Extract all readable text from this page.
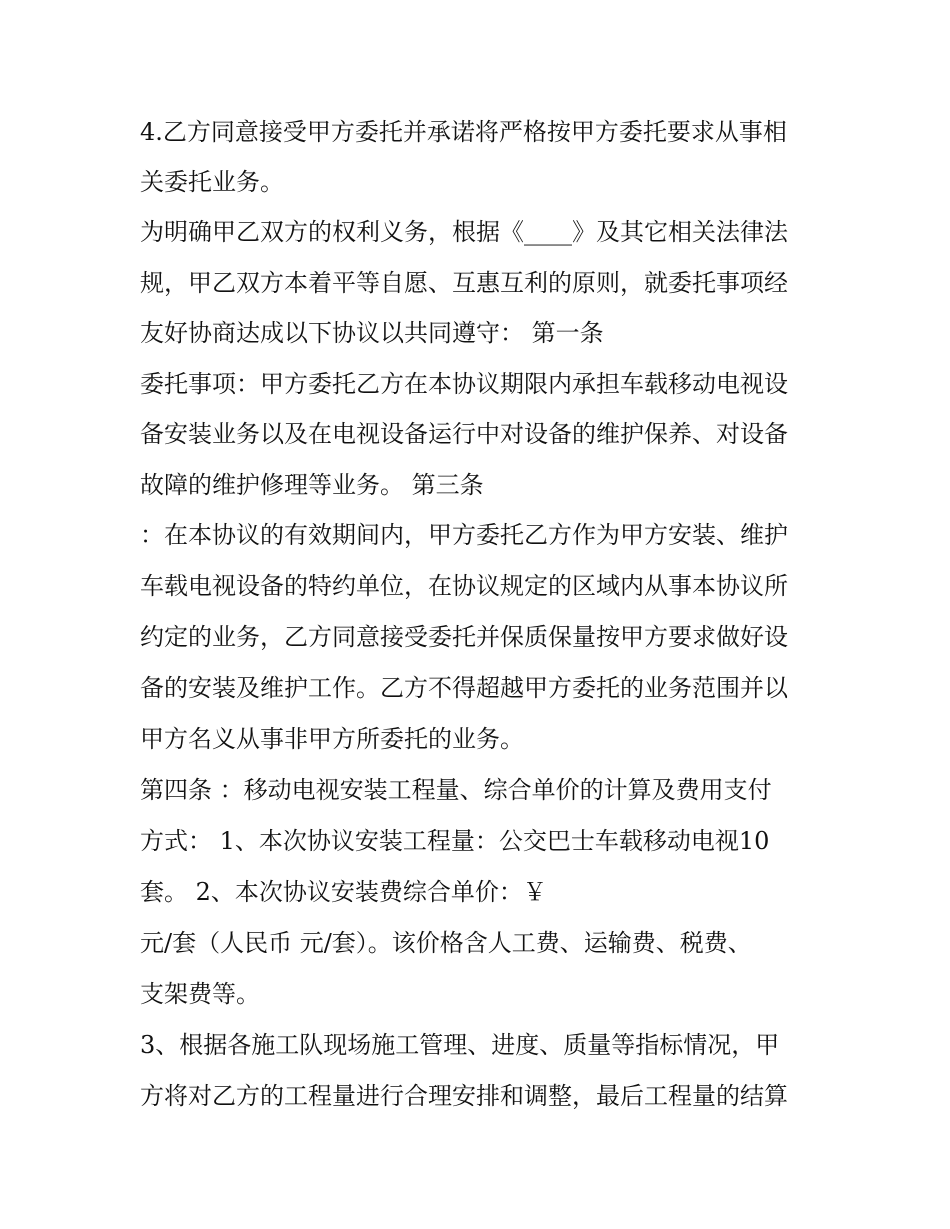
4.乙方同意接受甲方委托并承诺将严格按甲方委托要求从事相
关委托业务。
为明确甲乙双方的权利义务，根据《____》及其它相关法律法
规，甲乙双方本着平等自愿、互惠互利的原则，就委托事项经
友好协商达成以下协议以共同遵守： 第一条
委托事项：甲方委托乙方在本协议期限内承担车载移动电视设
备安装业务以及在电视设备运行中对设备的维护保养、对设备
故障的维护修理等业务。 第三条
：在本协议的有效期间内，甲方委托乙方作为甲方安装、维护
车载电视设备的特约单位，在协议规定的区域内从事本协议所
约定的业务，乙方同意接受委托并保质保量按甲方要求做好设
备的安装及维护工作。乙方不得超越甲方委托的业务范围并以
甲方名义从事非甲方所委托的业务。
第四条 ：移动电视安装工程量、综合单价的计算及费用支付
方式： 1、本次协议安装工程量：公交巴士车载移动电视10
套。 2、本次协议安装费综合单价：￥
元/套（人民币 元/套）。该价格含人工费、运输费、税费、
支架费等。
3、根据各施工队现场施工管理、进度、质量等指标情况，甲
方将对乙方的工程量进行合理安排和调整，最后工程量的结算
